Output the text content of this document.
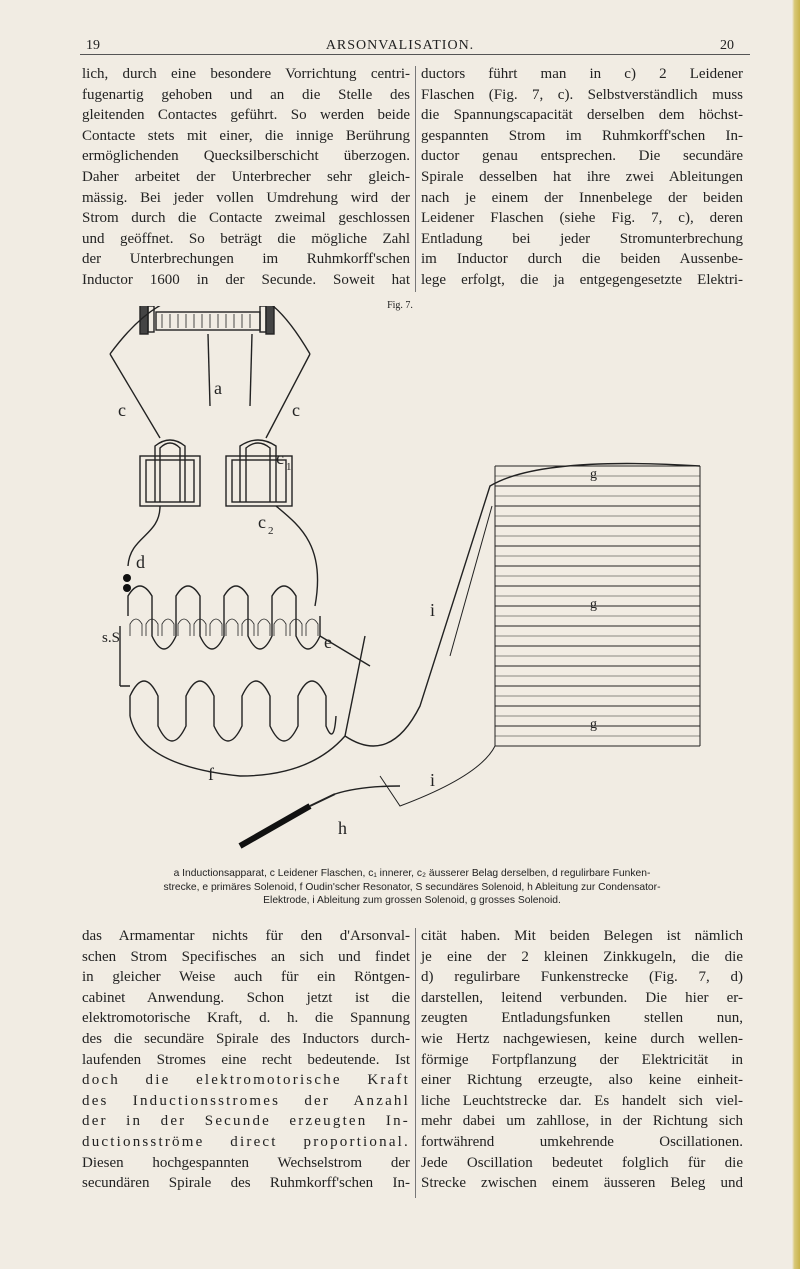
19	ARSONVALISATION.	20
lich, durch eine besondere Vorrichtung centri-
fugenartig gehoben und an die Stelle des
gleitenden Contactes geführt. So werden beide
Contacte stets mit einer, die innige Berührung
ermöglichenden Quecksilberschicht überzogen.
Daher arbeitet der Unterbrecher sehr gleich-
mässig. Bei jeder vollen Umdrehung wird der
Strom durch die Contacte zweimal geschlossen
und geöffnet. So beträgt die mögliche Zahl
der Unterbrechungen im Ruhmkorff'schen
Inductor 1600 in der Secunde. Soweit hat
ductors führt man in c) 2 Leidener
Flaschen (Fig. 7, c). Selbstverständlich muss
die Spannungscapacität derselben dem höchst-
gespannten Strom im Ruhmkorff'schen In-
ductor genau entsprechen. Die secundäre
Spirale desselben hat ihre zwei Ableitungen
nach je einem der Innenbelege der beiden
Leidener Flaschen (siehe Fig. 7, c), deren
Entladung bei jeder Stromunterbrechung
im Inductor durch die beiden Aussenbe-
lege erfolgt, die ja entgegengesetzte Elektri-
Fig. 7.
a
c	c
c 1
c 2
d
s.S	e
f
g
g
g
h
i
i
a Inductionsapparat, c Leidener Flaschen, c₁ innerer, c₂ äusserer Belag derselben, d regulirbare Funken-
strecke, e primäres Solenoid, f Oudin'scher Resonator, S secundäres Solenoid, h Ableitung zur Condensator-
Elektrode, i Ableitung zum grossen Solenoid, g grosses Solenoid.
das Armamentar nichts für den d'Arsonval-
schen Strom Specifisches an sich und findet
in gleicher Weise auch für ein Röntgen-
cabinet Anwendung. Schon jetzt ist die
elektromotorische Kraft, d. h. die Spannung
des die secundäre Spirale des Inductors durch-
laufenden Stromes eine recht bedeutende. Ist
doch die elektromotorische Kraft
des Inductionsstromes der Anzahl
der in der Secunde erzeugten In-
ductionsströme direct proportional.
Diesen hochgespannten Wechselstrom der
secundären Spirale des Ruhmkorff'schen In-
cität haben. Mit beiden Belegen ist nämlich
je eine der 2 kleinen Zinkkugeln, die die
d) regulirbare Funkenstrecke (Fig. 7, d)
darstellen, leitend verbunden. Die hier er-
zeugten Entladungsfunken stellen nun,
wie Hertz nachgewiesen, keine durch wellen-
förmige Fortpflanzung der Elektricität in
einer Richtung erzeugte, also keine einheit-
liche Leuchtstrecke dar. Es handelt sich viel-
mehr dabei um zahllose, in der Richtung sich
fortwährend umkehrende Oscillationen.
Jede Oscillation bedeutet folglich für die
Strecke zwischen einem äusseren Beleg und
